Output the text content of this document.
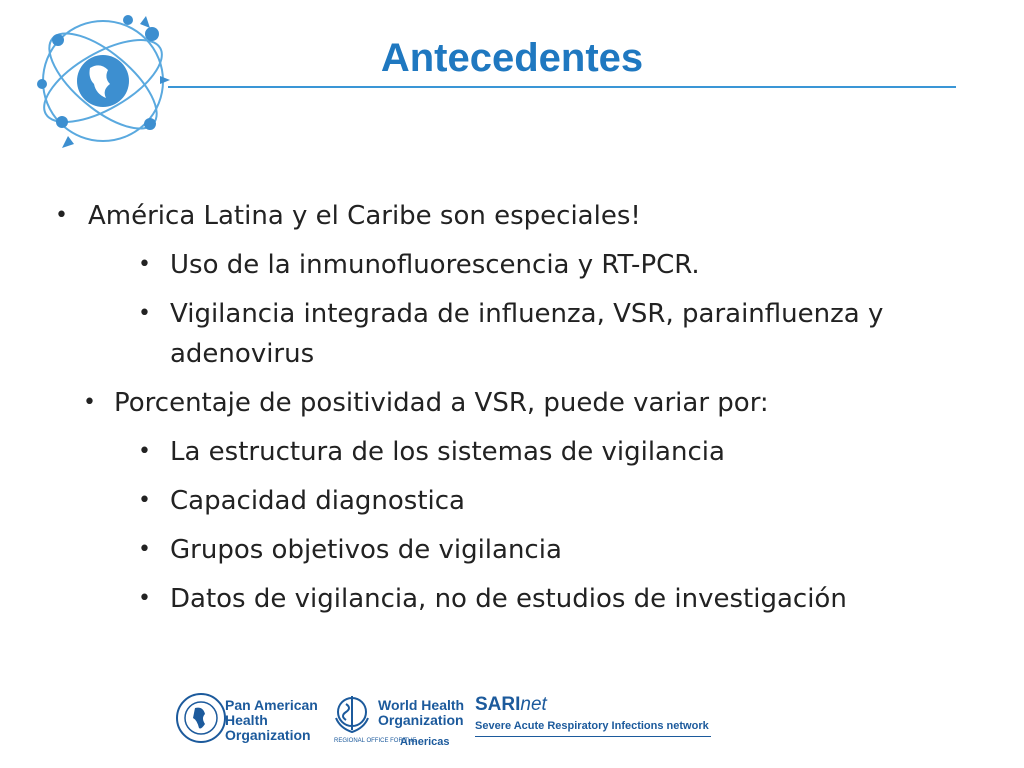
Antecedentes
• América Latina y el Caribe son especiales!
• Uso de la inmunofluorescencia y RT-PCR.
• Vigilancia integrada de influenza, VSR, parainfluenza y adenovirus
• Porcentaje de positividad a VSR, puede variar por:
• La estructura de los sistemas de vigilancia
• Capacidad diagnostica
• Grupos objetivos de vigilancia
• Datos de vigilancia, no de estudios de investigación

Pan American
Health
Organization

World Health
Organization

REGIONAL OFFICE FOR THE
Americas
SARInet
Severe Acute Respiratory Infections network
